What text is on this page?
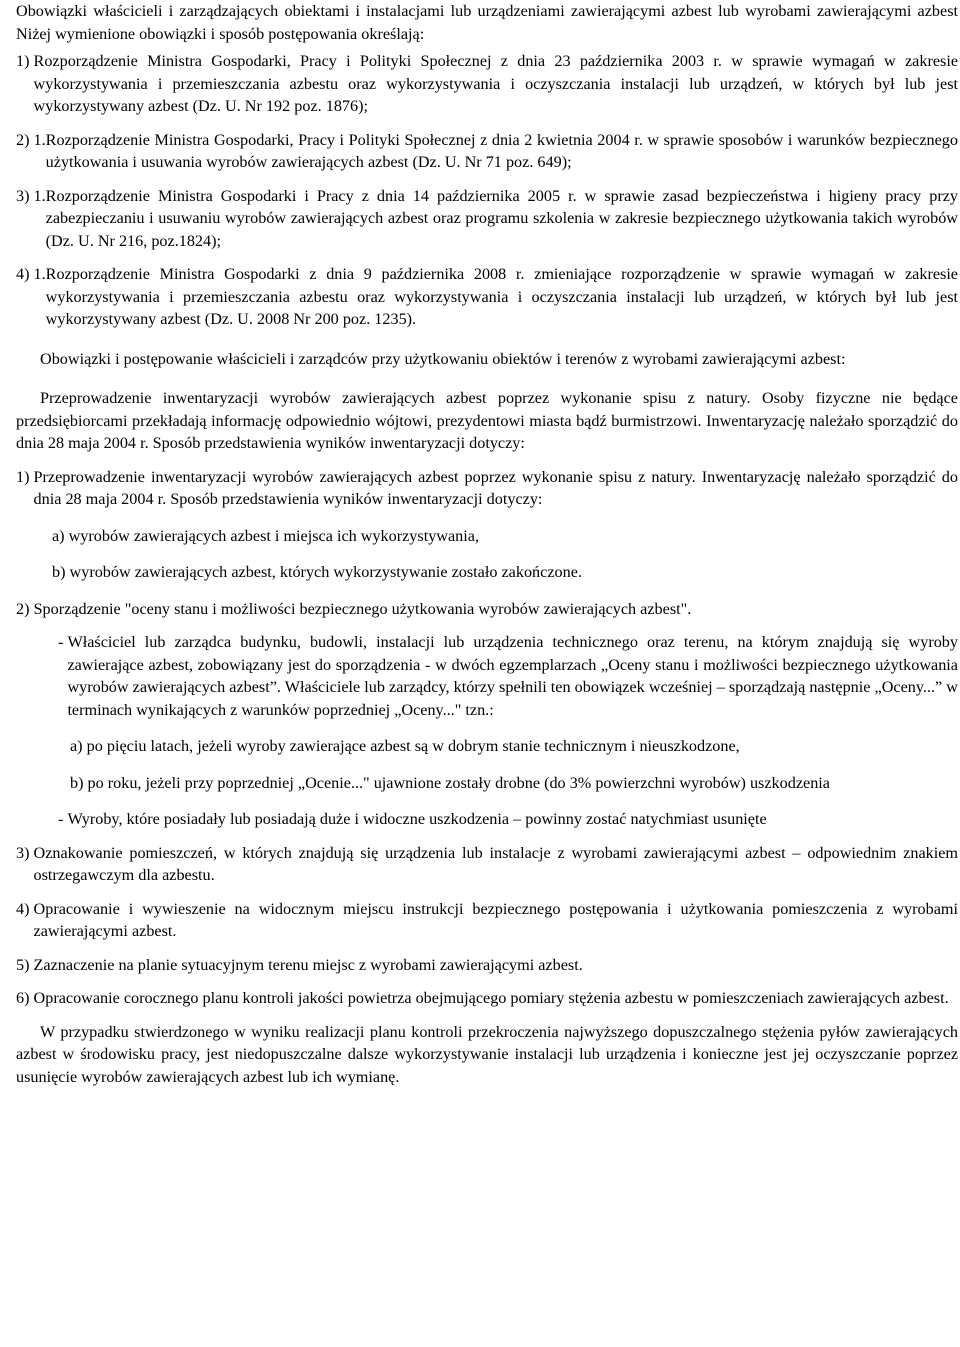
Obowiązki właścicieli i zarządzających obiektami i instalacjami lub urządzeniami zawierającymi azbest lub wyrobami zawierającymi azbest Niżej wymienione obowiązki i sposób postępowania określają:

1) Rozporządzenie Ministra Gospodarki, Pracy i Polityki Społecznej z dnia 23 października 2003 r. w sprawie wymagań w zakresie wykorzystywania i przemieszczania azbestu oraz wykorzystywania i oczyszczania instalacji lub urządzeń, w których był lub jest wykorzystywany azbest (Dz. U. Nr 192 poz. 1876);
2) 1. Rozporządzenie Ministra Gospodarki, Pracy i Polityki Społecznej z dnia 2 kwietnia 2004 r. w sprawie sposobów i warunków bezpiecznego użytkowania i usuwania wyrobów zawierających azbest (Dz. U. Nr 71 poz. 649);
3) 1. Rozporządzenie Ministra Gospodarki i Pracy z dnia 14 października 2005 r. w sprawie zasad bezpieczeństwa i higieny pracy przy zabezpieczaniu i usuwaniu wyrobów zawierających azbest oraz programu szkolenia w zakresie bezpiecznego użytkowania takich wyrobów (Dz. U. Nr 216, poz.1824);
4) 1. Rozporządzenie Ministra Gospodarki z dnia 9 października 2008 r. zmieniające rozporządzenie w sprawie wymagań w zakresie wykorzystywania i przemieszczania azbestu oraz wykorzystywania i oczyszczania instalacji lub urządzeń, w których był lub jest wykorzystywany azbest (Dz. U. 2008 Nr 200 poz. 1235).

Obowiązki i postępowanie właścicieli i zarządców przy użytkowaniu obiektów i terenów z wyrobami zawierającymi azbest:

Przeprowadzenie inwentaryzacji wyrobów zawierających azbest poprzez wykonanie spisu z natury. Osoby fizyczne nie będące przedsiębiorcami przekładają informację odpowiednio wójtowi, prezydentowi miasta bądź burmistrzowi. Inwentaryzację należało sporządzić do dnia 28 maja 2004 r. Sposób przedstawienia wyników inwentaryzacji dotyczy:

1) Przeprowadzenie inwentaryzacji wyrobów zawierających azbest poprzez wykonanie spisu z natury. Inwentaryzację należało sporządzić do dnia 28 maja 2004 r. Sposób przedstawienia wyników inwentaryzacji dotyczy:

a) wyrobów zawierających azbest i miejsca ich wykorzystywania,

b) wyrobów zawierających azbest, których wykorzystywanie zostało zakończone.

2) Sporządzenie "oceny stanu i możliwości bezpiecznego użytkowania wyrobów zawierających azbest".
- Właściciel lub zarządca budynku, budowli, instalacji lub urządzenia technicznego oraz terenu, na którym znajdują się wyroby zawierające azbest, zobowiązany jest do sporządzenia - w dwóch egzemplarzach „Oceny stanu i możliwości bezpiecznego użytkowania wyrobów zawierających azbest”. Właściciele lub zarządcy, którzy spełnili ten obowiązek wcześniej – sporządzają następnie „Oceny...” w terminach wynikających z warunków poprzedniej „Oceny..." tzn.:

a) po pięciu latach, jeżeli wyroby zawierające azbest są w dobrym stanie technicznym i nieuszkodzone,

b) po roku, jeżeli przy poprzedniej „Ocenie..." ujawnione zostały drobne (do 3% powierzchni wyrobów) uszkodzenia

- Wyroby, które posiadały lub posiadają duże i widoczne uszkodzenia – powinny zostać natychmiast usunięte
3) Oznakowanie pomieszczeń, w których znajdują się urządzenia lub instalacje z wyrobami zawierającymi azbest – odpowiednim znakiem ostrzegawczym dla azbestu.
4) Opracowanie i wywieszenie na widocznym miejscu instrukcji bezpiecznego postępowania i użytkowania pomieszczenia z wyrobami zawierającymi azbest.
5) Zaznaczenie na planie sytuacyjnym terenu miejsc z wyrobami zawierającymi azbest.
6) Opracowanie corocznego planu kontroli jakości powietrza obejmującego pomiary stężenia azbestu w pomieszczeniach zawierających azbest.

W przypadku stwierdzonego w wyniku realizacji planu kontroli przekroczenia najwyższego dopuszczalnego stężenia pyłów zawierających azbest w środowisku pracy, jest niedopuszczalne dalsze wykorzystywanie instalacji lub urządzenia i konieczne jest jej oczyszczanie poprzez usunięcie wyrobów zawierających azbest lub ich wymianę.
